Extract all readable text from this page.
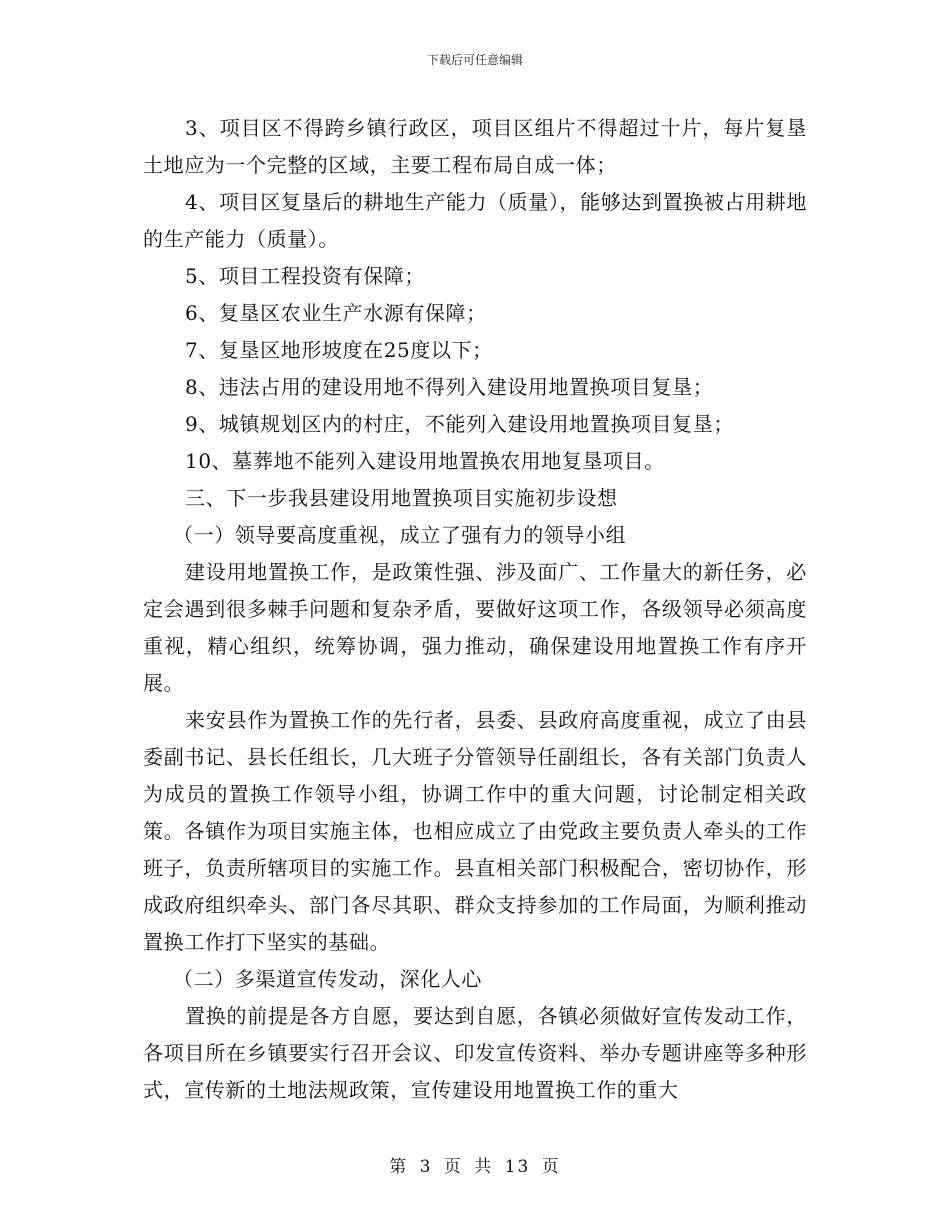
下载后可任意编辑

3、项目区不得跨乡镇行政区，项目区组片不得超过十片，每片复垦土地应为一个完整的区域，主要工程布局自成一体；

4、项目区复垦后的耕地生产能力（质量），能够达到置换被占用耕地的生产能力（质量）。

5、项目工程投资有保障；

6、复垦区农业生产水源有保障；

7、复垦区地形坡度在25度以下；

8、违法占用的建设用地不得列入建设用地置换项目复垦；

9、城镇规划区内的村庄，不能列入建设用地置换项目复垦；

10、墓葬地不能列入建设用地置换农用地复垦项目。

三、下一步我县建设用地置换项目实施初步设想

（一）领导要高度重视，成立了强有力的领导小组

建设用地置换工作，是政策性强、涉及面广、工作量大的新任务，必定会遇到很多棘手问题和复杂矛盾，要做好这项工作，各级领导必须高度重视，精心组织，统筹协调，强力推动，确保建设用地置换工作有序开展。

来安县作为置换工作的先行者，县委、县政府高度重视，成立了由县委副书记、县长任组长，几大班子分管领导任副组长，各有关部门负责人为成员的置换工作领导小组，协调工作中的重大问题，讨论制定相关政策。各镇作为项目实施主体，也相应成立了由党政主要负责人牵头的工作班子，负责所辖项目的实施工作。县直相关部门积极配合，密切协作，形成政府组织牵头、部门各尽其职、群众支持参加的工作局面，为顺利推动置换工作打下坚实的基础。

（二）多渠道宣传发动，深化人心

置换的前提是各方自愿，要达到自愿，各镇必须做好宣传发动工作，各项目所在乡镇要实行召开会议、印发宣传资料、举办专题讲座等多种形式，宣传新的土地法规政策，宣传建设用地置换工作的重大

第 3 页 共 13 页
